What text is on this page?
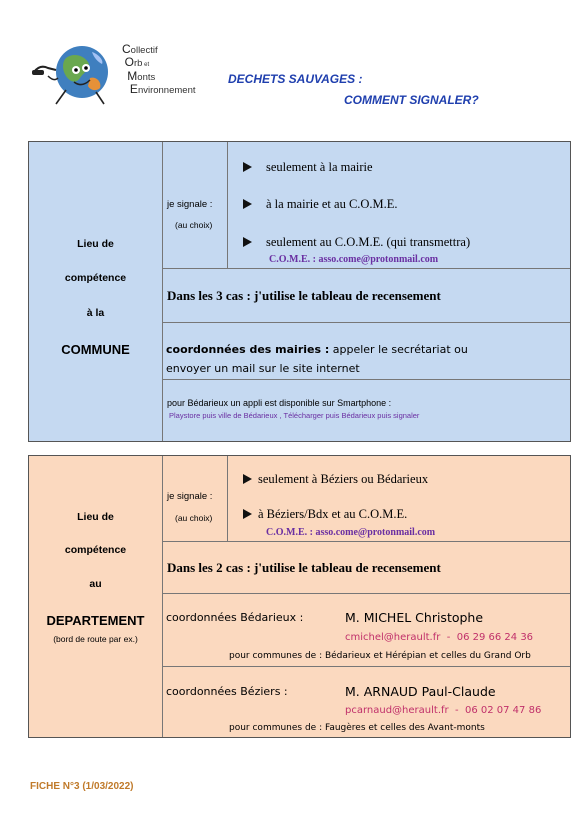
Collectif
Orb et
Monts
Environnement
DECHETS SAUVAGES :
COMMENT SIGNALER?
Lieu de
compétence
à la
COMMUNE
je signale :
(au choix)
seulement à la mairie
à la mairie et au C.O.M.E.
seulement au C.O.M.E. (qui transmettra)
C.O.M.E. : asso.come@protonmail.com
Dans les 3 cas : j'utilise le tableau de recensement
coordonnées des mairies : appeler le secrétariat ou
envoyer un mail sur le site internet
pour Bédarieux un appli est disponible sur Smartphone :
Playstore puis ville de Bédarieux , Télécharger puis Bédarieux puis signaler
Lieu de
compétence
au
DEPARTEMENT
(bord de route par ex.)
je signale :
(au choix)
seulement à Béziers ou Bédarieux
à Béziers/Bdx et au C.O.M.E.
C.O.M.E. : asso.come@protonmail.com
Dans les 2 cas : j'utilise le tableau de recensement
coordonnées Bédarieux :	M. MICHEL Christophe
cmichel@herault.fr  -  06 29 66 24 36
pour communes de : Bédarieux et Hérépian et celles du Grand Orb
coordonnées Béziers :	M. ARNAUD Paul-Claude
pcarnaud@herault.fr  -  06 02 07 47 86
pour communes de : Faugères et celles des Avant-monts
FICHE N°3 (1/03/2022)
